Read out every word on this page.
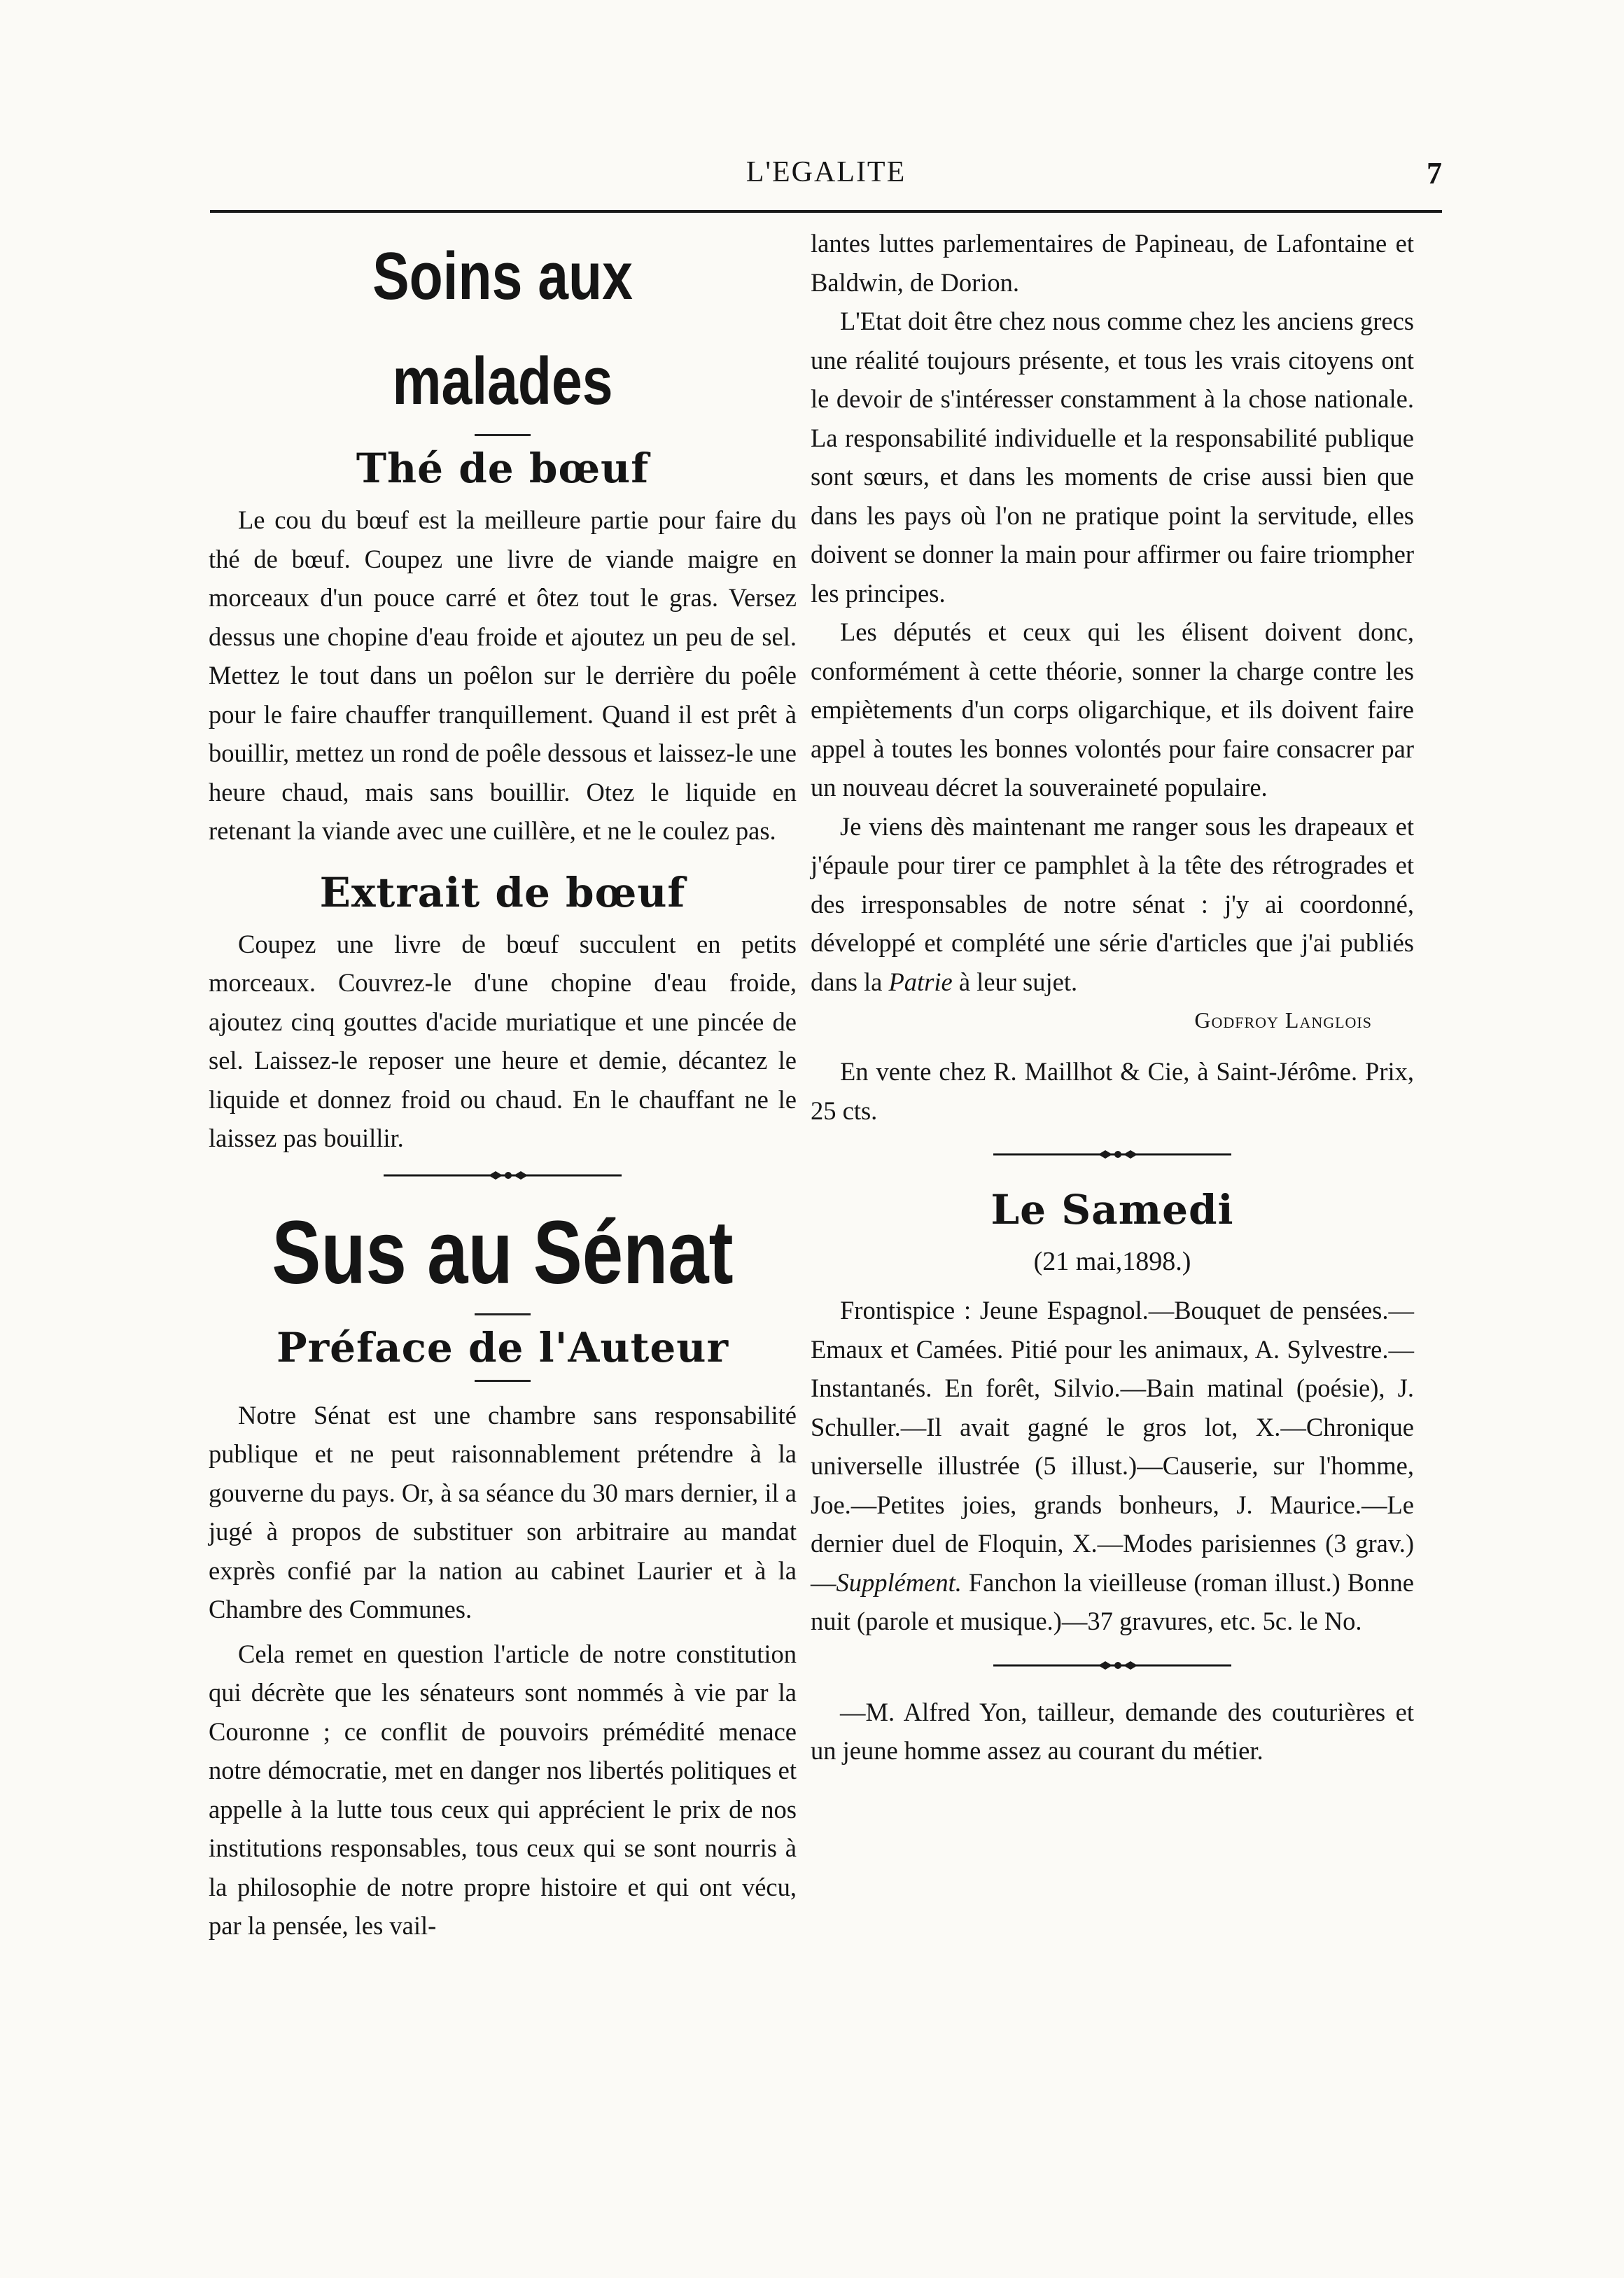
L'EGALITE	7
Soins aux malades
Thé de bœuf

Le cou du bœuf est la meilleure partie pour faire du thé de bœuf. Coupez une livre de viande maigre en morceaux d'un pouce carré et ôtez tout le gras. Versez dessus une chopine d'eau froide et ajoutez un peu de sel. Mettez le tout dans un poêlon sur le derrière du poêle pour le faire chauffer tranquillement. Quand il est prêt à bouillir, mettez un rond de poêle dessous et laissez-le une heure chaud, mais sans bouillir. Otez le liquide en retenant la viande avec une cuillère, et ne le coulez pas.

Extrait de bœuf

Coupez une livre de bœuf succulent en petits morceaux. Couvrez-le d'une chopine d'eau froide, ajoutez cinq gouttes d'acide muriatique et une pincée de sel. Laissez-le reposer une heure et demie, décantez le liquide et donnez froid ou chaud. En le chauffant ne le laissez pas bouillir.

Sus au Sénat
Préface de l'Auteur

Notre Sénat est une chambre sans responsabilité publique et ne peut raisonnablement prétendre à la gouverne du pays. Or, à sa séance du 30 mars dernier, il a jugé à propos de substituer son arbitraire au mandat exprès confié par la nation au cabinet Laurier et à la Chambre des Communes.

Cela remet en question l'article de notre constitution qui décrète que les sénateurs sont nommés à vie par la Couronne ; ce conflit de pouvoirs prémédité menace notre démocratie, met en danger nos libertés politiques et appelle à la lutte tous ceux qui apprécient le prix de nos institutions responsables, tous ceux qui se sont nourris à la philosophie de notre propre histoire et qui ont vécu, par la pensée, les vail-

lantes luttes parlementaires de Papineau, de Lafontaine et Baldwin, de Dorion.

L'Etat doit être chez nous comme chez les anciens grecs une réalité toujours présente, et tous les vrais citoyens ont le devoir de s'intéresser constamment à la chose nationale. La responsabilité individuelle et la responsabilité publique sont sœurs, et dans les moments de crise aussi bien que dans les pays où l'on ne pratique point la servitude, elles doivent se donner la main pour affirmer ou faire triompher les principes.

Les députés et ceux qui les élisent doivent donc, conformément à cette théorie, sonner la charge contre les empiètements d'un corps oligarchique, et ils doivent faire appel à toutes les bonnes volontés pour faire consacrer par un nouveau décret la souveraineté populaire.

Je viens dès maintenant me ranger sous les drapeaux et j'épaule pour tirer ce pamphlet à la tête des rétrogrades et des irresponsables de notre sénat : j'y ai coordonné, développé et complété une série d'articles que j'ai publiés dans la Patrie à leur sujet.

Godfroy Langlois

En vente chez R. Maillhot & Cie, à Saint-Jérôme. Prix, 25 cts.

Le Samedi
(21 mai,1898.)

Frontispice : Jeune Espagnol.—Bouquet de pensées.—Emaux et Camées. Pitié pour les animaux, A. Sylvestre.—Instantanés. En forêt, Silvio.—Bain matinal (poésie), J. Schuller.—Il avait gagné le gros lot, X.—Chronique universelle illustrée (5 illust.)—Causerie, sur l'homme, Joe.—Petites joies, grands bonheurs, J. Maurice.—Le dernier duel de Floquin, X.—Modes parisiennes (3 grav.)—Supplément. Fanchon la vieilleuse (roman illust.) Bonne nuit (parole et musique.)—37 gravures, etc. 5c. le No.

—M. Alfred Yon, tailleur, demande des couturières et un jeune homme assez au courant du métier.
